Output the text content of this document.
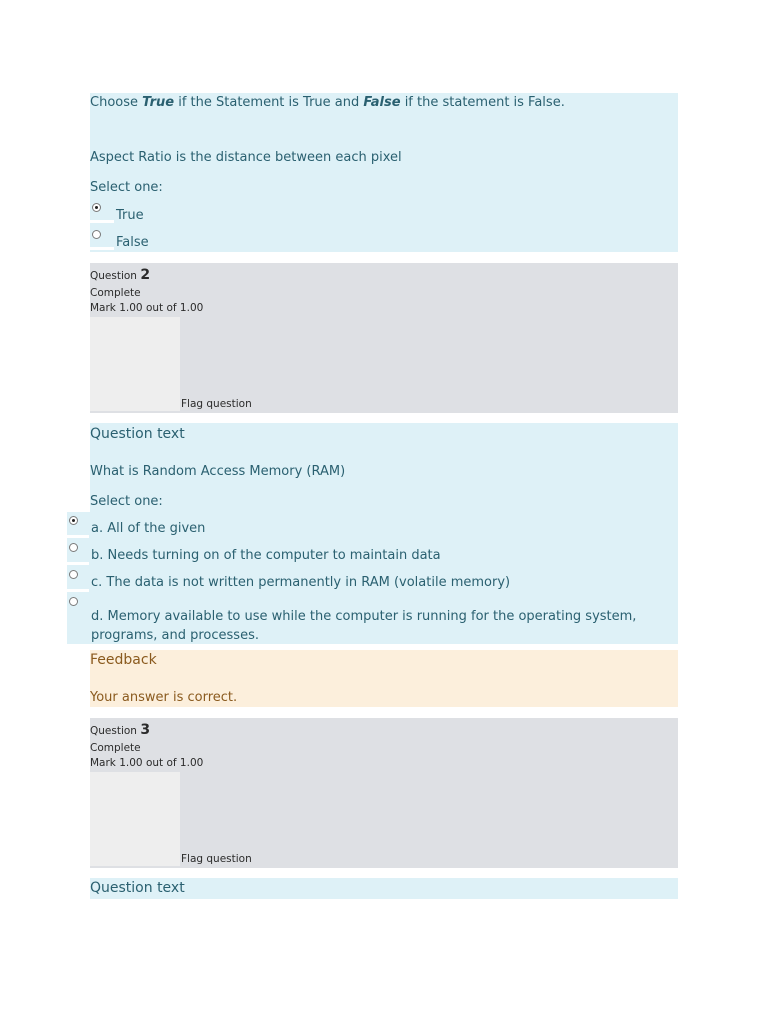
Choose True if the Statement is True and False if the statement is False.
Aspect Ratio is the distance between each pixel
Select one:
True
False
Question 2
Complete
Mark 1.00 out of 1.00
Flag question
Question text
What is Random Access Memory (RAM)
Select one:
a. All of the given
b. Needs turning on of the computer to maintain data
c. The data is not written permanently in RAM (volatile memory)
d. Memory available to use while the computer is running for the operating system,
programs, and processes.
Feedback
Your answer is correct.
Question 3
Complete
Mark 1.00 out of 1.00
Flag question
Question text
